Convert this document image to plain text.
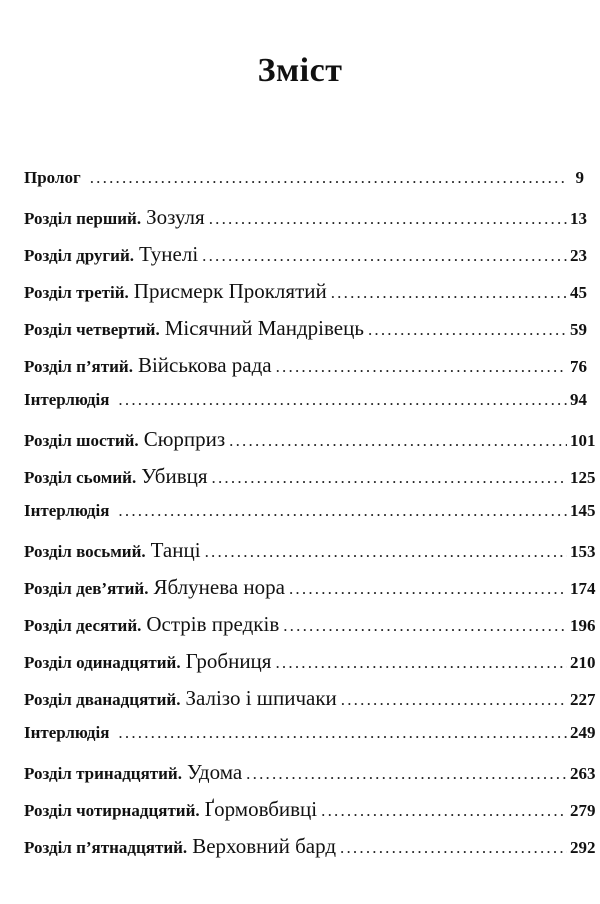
Зміст
Пролог .....	9
Розділ перший. Зозуля .....	13
Розділ другий. Тунелі .....	23
Розділ третій. Присмерк Проклятий .....	45
Розділ четвертий. Місячний Мандрівець .....	59
Розділ п’ятий. Військова рада .....	76
Інтерлюдія .....	94
Розділ шостий. Сюрприз .....	101
Розділ сьомий. Убивця .....	125
Інтерлюдія .....	145
Розділ восьмий. Танці .....	153
Розділ дев’ятий. Яблунева нора .....	174
Розділ десятий. Острів предків .....	196
Розділ одинадцятий. Гробниця .....	210
Розділ дванадцятий. Залізо і шпичаки .....	227
Інтерлюдія .....	249
Розділ тринадцятий. Удома .....	263
Розділ чотирнадцятий. Ґормовбивці .....	279
Розділ п’ятнадцятий. Верховний бард .....	292
